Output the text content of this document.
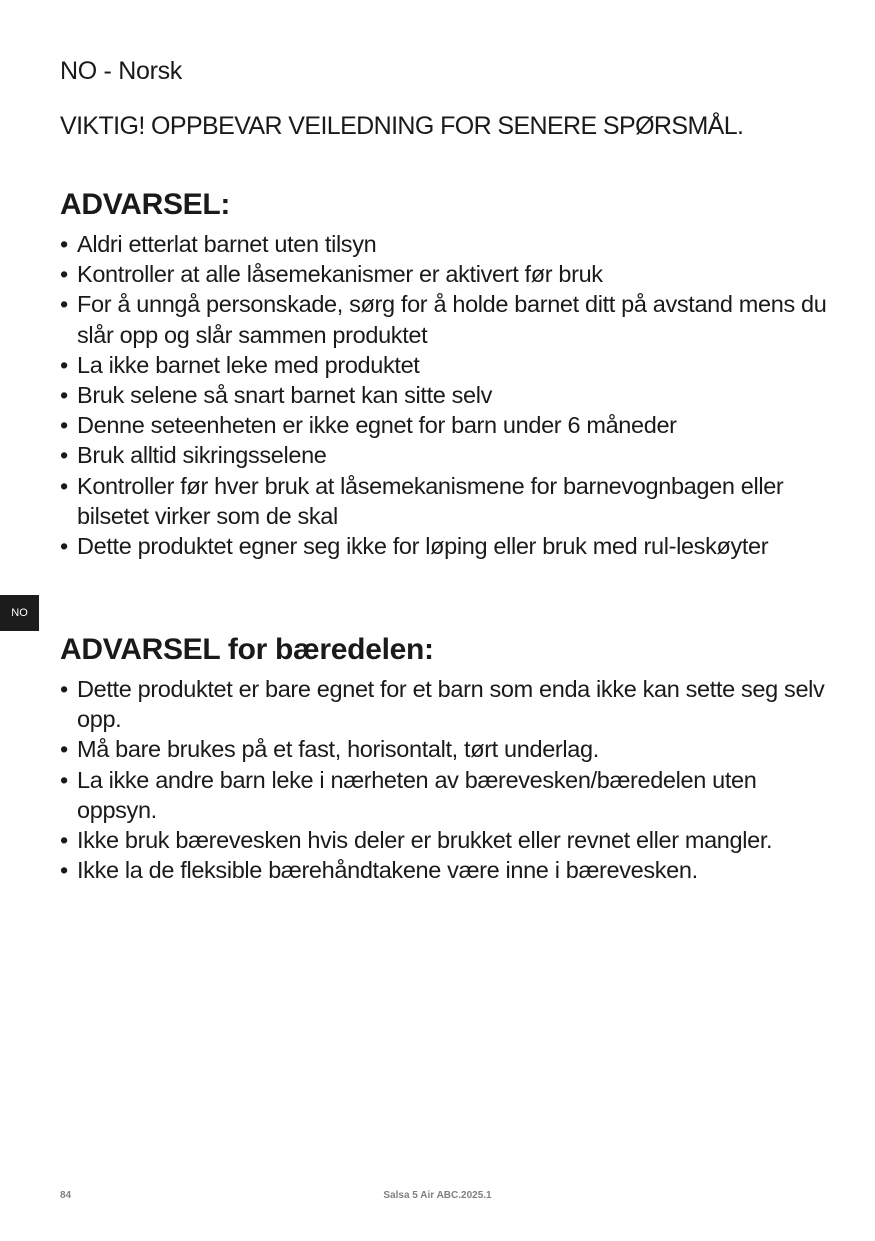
NO - Norsk
VIKTIG! OPPBEVAR VEILEDNING FOR SENERE SPØRSMÅL.
ADVARSEL:
• Aldri etterlat barnet uten tilsyn
• Kontroller at alle låsemekanismer er aktivert før bruk
• For å unngå personskade, sørg for å holde barnet ditt på avstand mens du slår opp og slår sammen produktet
• La ikke barnet leke med produktet
• Bruk selene så snart barnet kan sitte selv
• Denne seteenheten er ikke egnet for barn under 6 måneder
• Bruk alltid sikringsselene
• Kontroller før hver bruk at låsemekanismene for barnevognbagen eller bilsetet virker som de skal
• Dette produktet egner seg ikke for løping eller bruk med rul-leskøyter
NO
ADVARSEL for bæredelen:
• Dette produktet er bare egnet for et barn som enda ikke kan sette seg selv opp.
• Må bare brukes på et fast, horisontalt, tørt underlag.
• La ikke andre barn leke i nærheten av bærevesken/bæredelen uten oppsyn.
• Ikke bruk bærevesken hvis deler er brukket eller revnet eller mangler.
• Ikke la de fleksible bærehåndtakene være inne i bærevesken.
84	Salsa 5 Air ABC.2025.1
